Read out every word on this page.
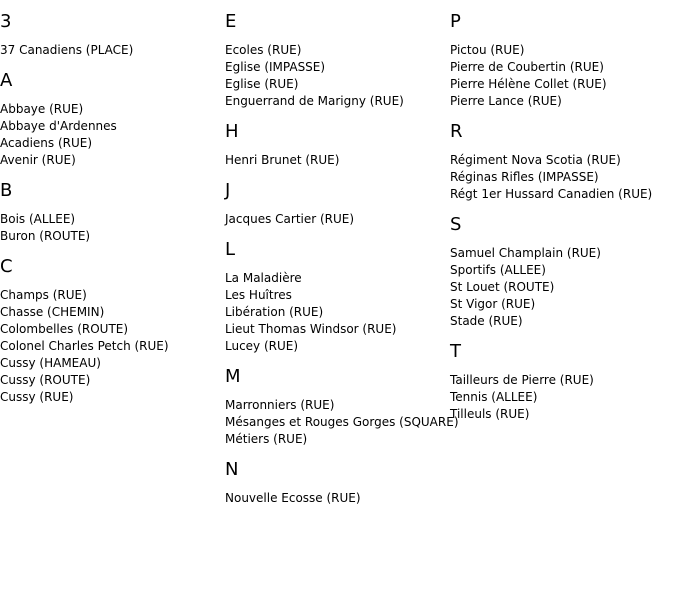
3
37 Canadiens (PLACE)
A
Abbaye (RUE)
Abbaye d'Ardennes
Acadiens (RUE)
Avenir (RUE)
B
Bois (ALLEE)
Buron (ROUTE)
C
Champs (RUE)
Chasse (CHEMIN)
Colombelles (ROUTE)
Colonel Charles Petch (RUE)
Cussy (HAMEAU)
Cussy (ROUTE)
Cussy (RUE)
E
Ecoles (RUE)
Eglise (IMPASSE)
Eglise (RUE)
Enguerrand de Marigny (RUE)
H
Henri Brunet (RUE)
J
Jacques Cartier (RUE)
L
La Maladière
Les Huîtres
Libération (RUE)
Lieut Thomas Windsor (RUE)
Lucey (RUE)
M
Marronniers (RUE)
Mésanges et Rouges Gorges (SQUARE)
Métiers (RUE)
N
Nouvelle Ecosse (RUE)
P
Pictou (RUE)
Pierre de Coubertin (RUE)
Pierre Hélène Collet (RUE)
Pierre Lance (RUE)
R
Régiment Nova Scotia (RUE)
Réginas Rifles (IMPASSE)
Régt 1er Hussard Canadien (RUE)
S
Samuel Champlain (RUE)
Sportifs (ALLEE)
St Louet (ROUTE)
St Vigor (RUE)
Stade (RUE)
T
Tailleurs de Pierre (RUE)
Tennis (ALLEE)
Tilleuls (RUE)
